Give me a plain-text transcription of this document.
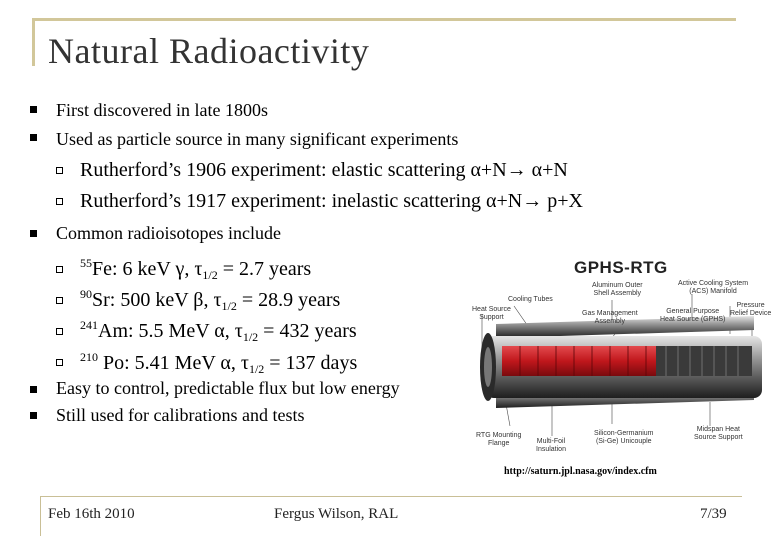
Natural Radioactivity
First discovered in late 1800s
Used as particle source in many significant experiments
Rutherford’s 1906 experiment: elastic scattering α+N→ α+N
Rutherford’s 1917 experiment: inelastic scattering α+N→ p+X
Common radioisotopes include
$^{55}$Fe: 6 keV γ, $\tau_{1/2} = 2.7$ years
$^{90}$Sr: 500 keV β, $\tau_{1/2} = 28.9$ years
$^{241}$Am: 5.5 MeV α, $\tau_{1/2} = 432$ years
$^{210}$ Po: 5.41 MeV α, $\tau_{1/2} = 137$ days
Easy to control, predictable flux but low energy
Still used for calibrations and tests
GPHS-RTG
Aluminum Outer
Shell Assembly
Active Cooling System
(ACS) Manifold
Pressure
Relief Device
Cooling Tubes
Gas Management
Assembly
Heat Source
Support
General Purpose
Heat Source (GPHS)
RTG Mounting
Flange	Multi-Foil
Insulation
Silicon-Germanium
(Si-Ge) Unicouple
Midspan Heat
Source Support
http://saturn.jpl.nasa.gov/index.cfm
Feb 16th 2010	Fergus Wilson, RAL	7/39
